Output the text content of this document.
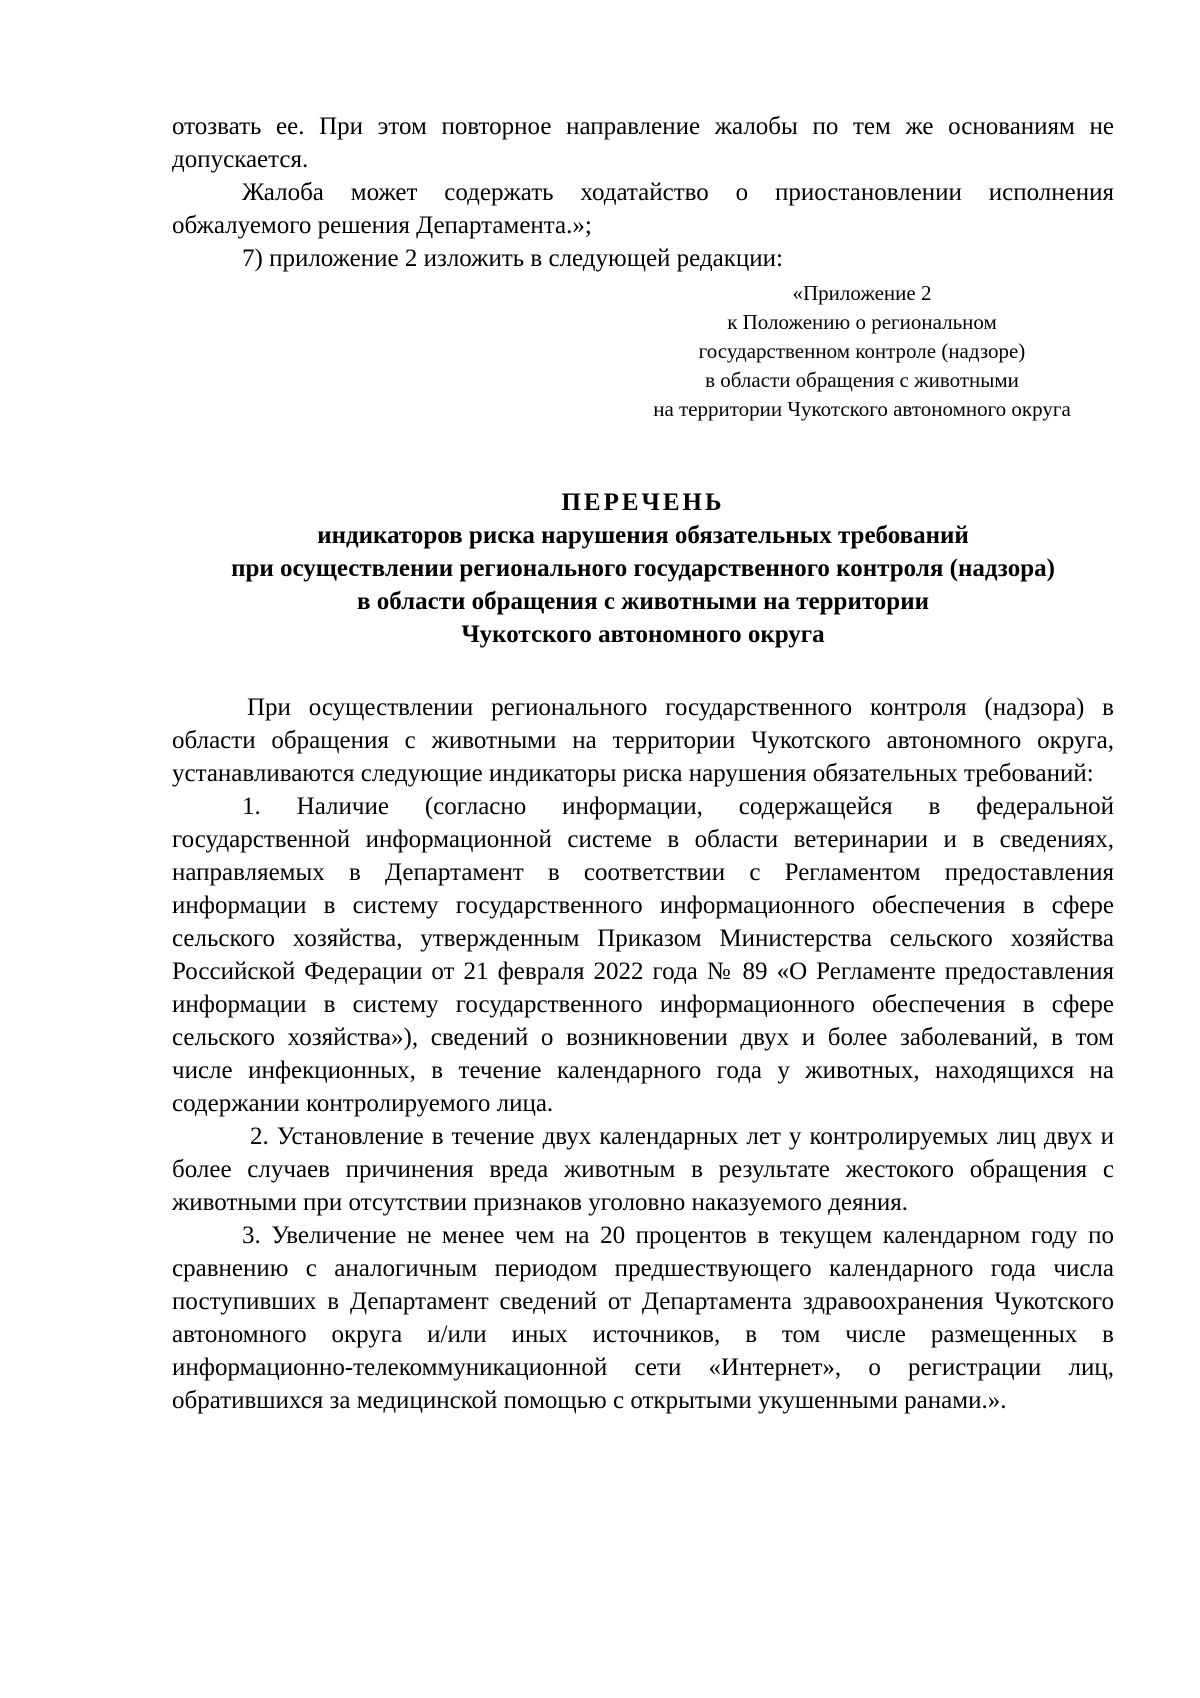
отозвать ее. При этом повторное направление жалобы по тем же основаниям не допускается.

Жалоба может содержать ходатайство о приостановлении исполнения обжалуемого решения Департамента.»;

7) приложение 2 изложить в следующей редакции:

«Приложение 2
к Положению о региональном
государственном контроле (надзоре)
в области обращения с животными
на территории Чукотского автономного округа
ПЕРЕЧЕНЬ
индикаторов риска нарушения обязательных требований
при осуществлении регионального государственного контроля (надзора)
в области обращения с животными на территории
Чукотского автономного округа

При осуществлении регионального государственного контроля (надзора) в области обращения с животными на территории Чукотского автономного округа, устанавливаются следующие индикаторы риска нарушения обязательных требований:

1. Наличие (согласно информации, содержащейся в федеральной государственной информационной системе в области ветеринарии и в сведениях, направляемых в Департамент в соответствии с Регламентом предоставления информации в систему государственного информационного обеспечения в сфере сельского хозяйства, утвержденным Приказом Министерства сельского хозяйства Российской Федерации от 21 февраля 2022 года № 89 «О Регламенте предоставления информации в систему государственного информационного обеспечения в сфере сельского хозяйства»), сведений о возникновении двух и более заболеваний, в том числе инфекционных, в течение календарного года у животных, находящихся на содержании контролируемого лица.

2. Установление в течение двух календарных лет у контролируемых лиц двух и более случаев причинения вреда животным в результате жестокого обращения с животными при отсутствии признаков уголовно наказуемого деяния.

3. Увеличение не менее чем на 20 процентов в текущем календарном году по сравнению с аналогичным периодом предшествующего календарного года числа поступивших в Департамент сведений от Департамента здравоохранения Чукотского автономного округа и/или иных источников, в том числе размещенных в информационно-телекоммуникационной сети «Интернет», о регистрации лиц, обратившихся за медицинской помощью с открытыми укушенными ранами.».
